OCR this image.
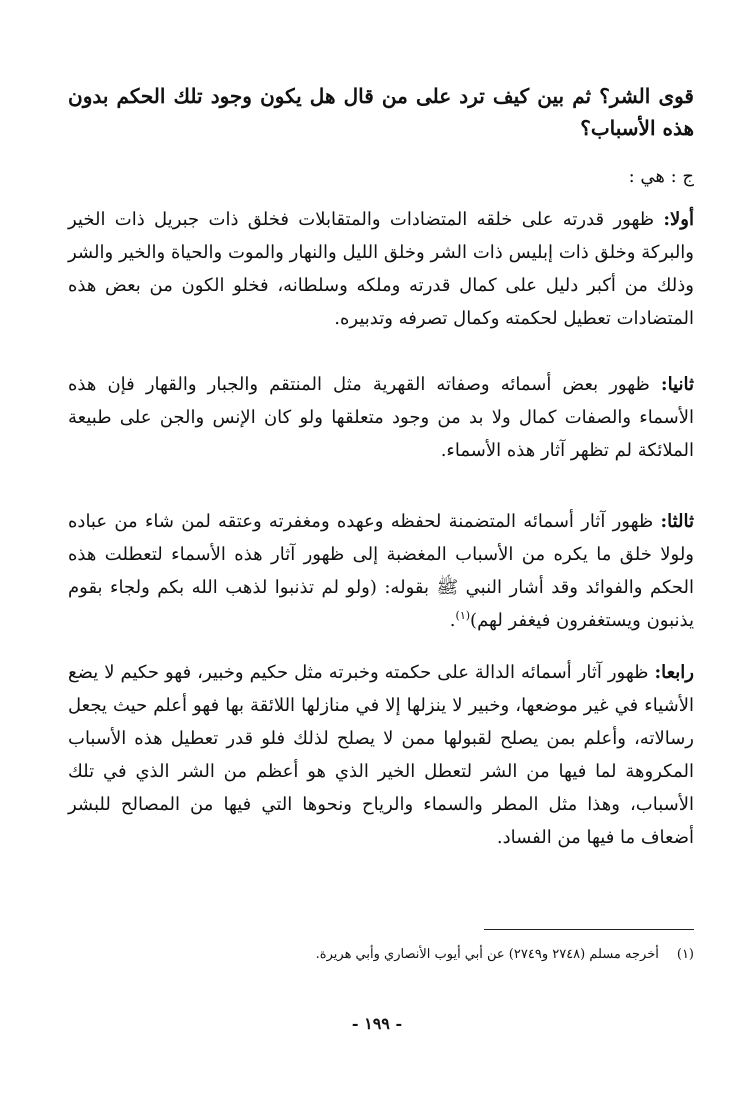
قوى الشر؟ ثم بين كيف ترد على من قال هل يكون وجود تلك الحكم بدون هذه الأسباب؟
ج : هي :
أولا: ظهور قدرته على خلقه المتضادات والمتقابلات فخلق ذات جبريل ذات الخير والبركة وخلق ذات إبليس ذات الشر وخلق الليل والنهار والموت والحياة والخير والشر وذلك من أكبر دليل على كمال قدرته وملكه وسلطانه، فخلو الكون من بعض هذه المتضادات تعطيل لحكمته وكمال تصرفه وتدبيره.
ثانيا: ظهور بعض أسمائه وصفاته القهرية مثل المنتقم والجبار والقهار فإن هذه الأسماء والصفات كمال ولا بد من وجود متعلقها ولو كان الإنس والجن على طبيعة الملائكة لم تظهر آثار هذه الأسماء.
ثالثا: ظهور آثار أسمائه المتضمنة لحفظه وعهده ومغفرته وعتقه لمن شاء من عباده ولولا خلق ما يكره من الأسباب المغضبة إلى ظهور آثار هذه الأسماء لتعطلت هذه الحكم والفوائد وقد أشار النبي ﷺ بقوله: (ولو لم تذنبوا لذهب الله بكم ولجاء بقوم يذنبون ويستغفرون فيغفر لهم)$^{(١)}$.
رابعا: ظهور آثار أسمائه الدالة على حكمته وخبرته مثل حكيم وخبير، فهو حكيم لا يضع الأشياء في غير موضعها، وخبير لا ينزلها إلا في منازلها اللائقة بها فهو أعلم حيث يجعل رسالاته، وأعلم بمن يصلح لقبولها ممن لا يصلح لذلك فلو قدر تعطيل هذه الأسباب المكروهة لما فيها من الشر لتعطل الخير الذي هو أعظم من الشر الذي في تلك الأسباب، وهذا مثل المطر والسماء والرياح ونحوها التي فيها من المصالح للبشر أضعاف ما فيها من الفساد.
(١)أخرجه مسلم (٢٧٤٨ و٢٧٤٩) عن أبي أيوب الأنصاري وأبي هريرة.
- ١٩٩ -
